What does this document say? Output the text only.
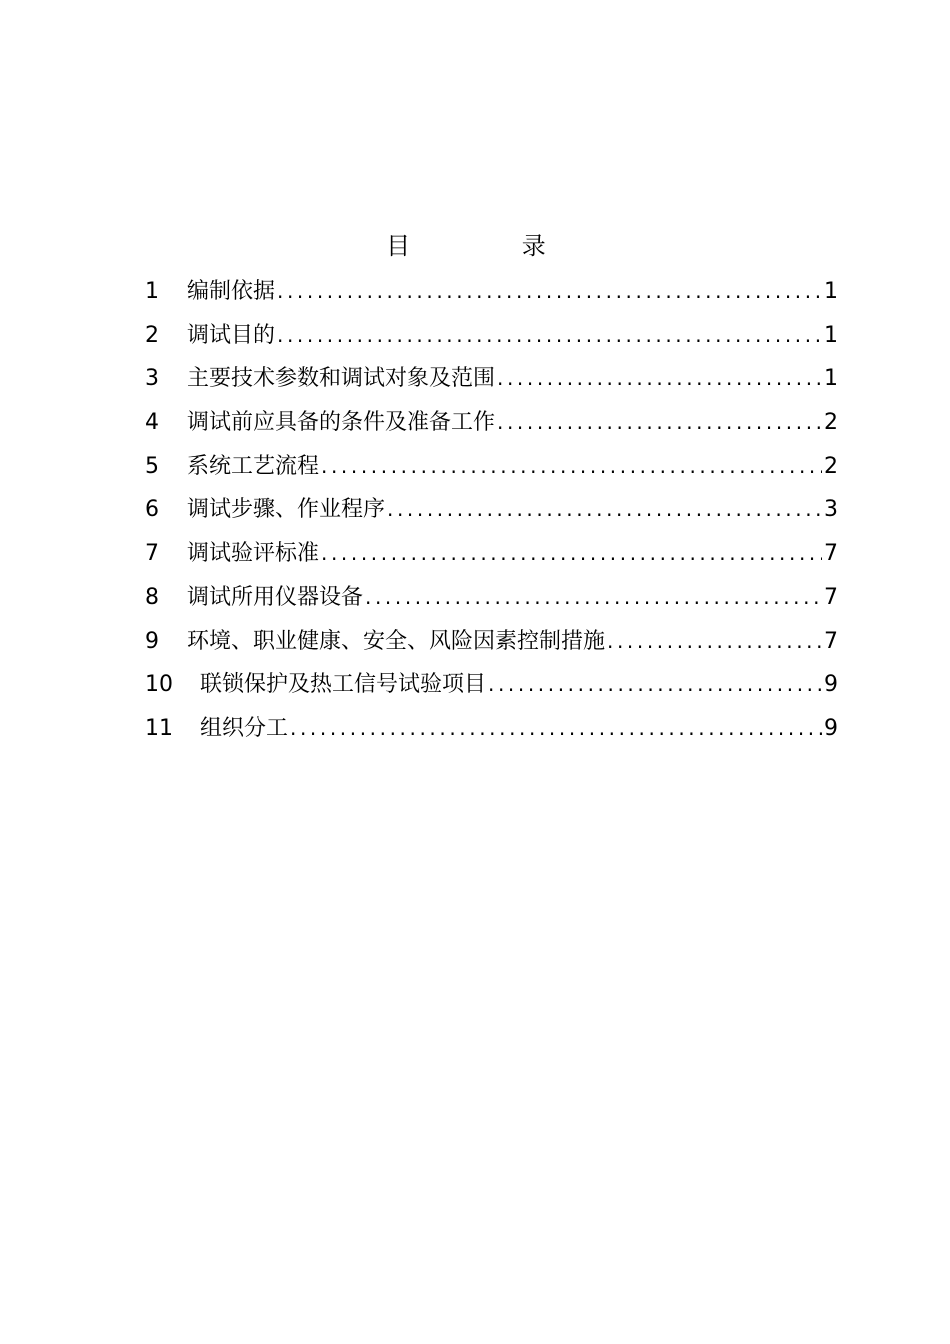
目 录
1	编制依据 .....	1
2	调试目的 .....	1
3	主要技术参数和调试对象及范围 .....	1
4	调试前应具备的条件及准备工作 .....	2
5	系统工艺流程 .....	2
6	调试步骤、作业程序 .....	3
7	调试验评标准 .....	7
8	调试所用仪器设备 .....	7
9	环境、职业健康、安全、风险因素控制措施 .....	7
10	联锁保护及热工信号试验项目 .....	9
11	组织分工 .....	9
